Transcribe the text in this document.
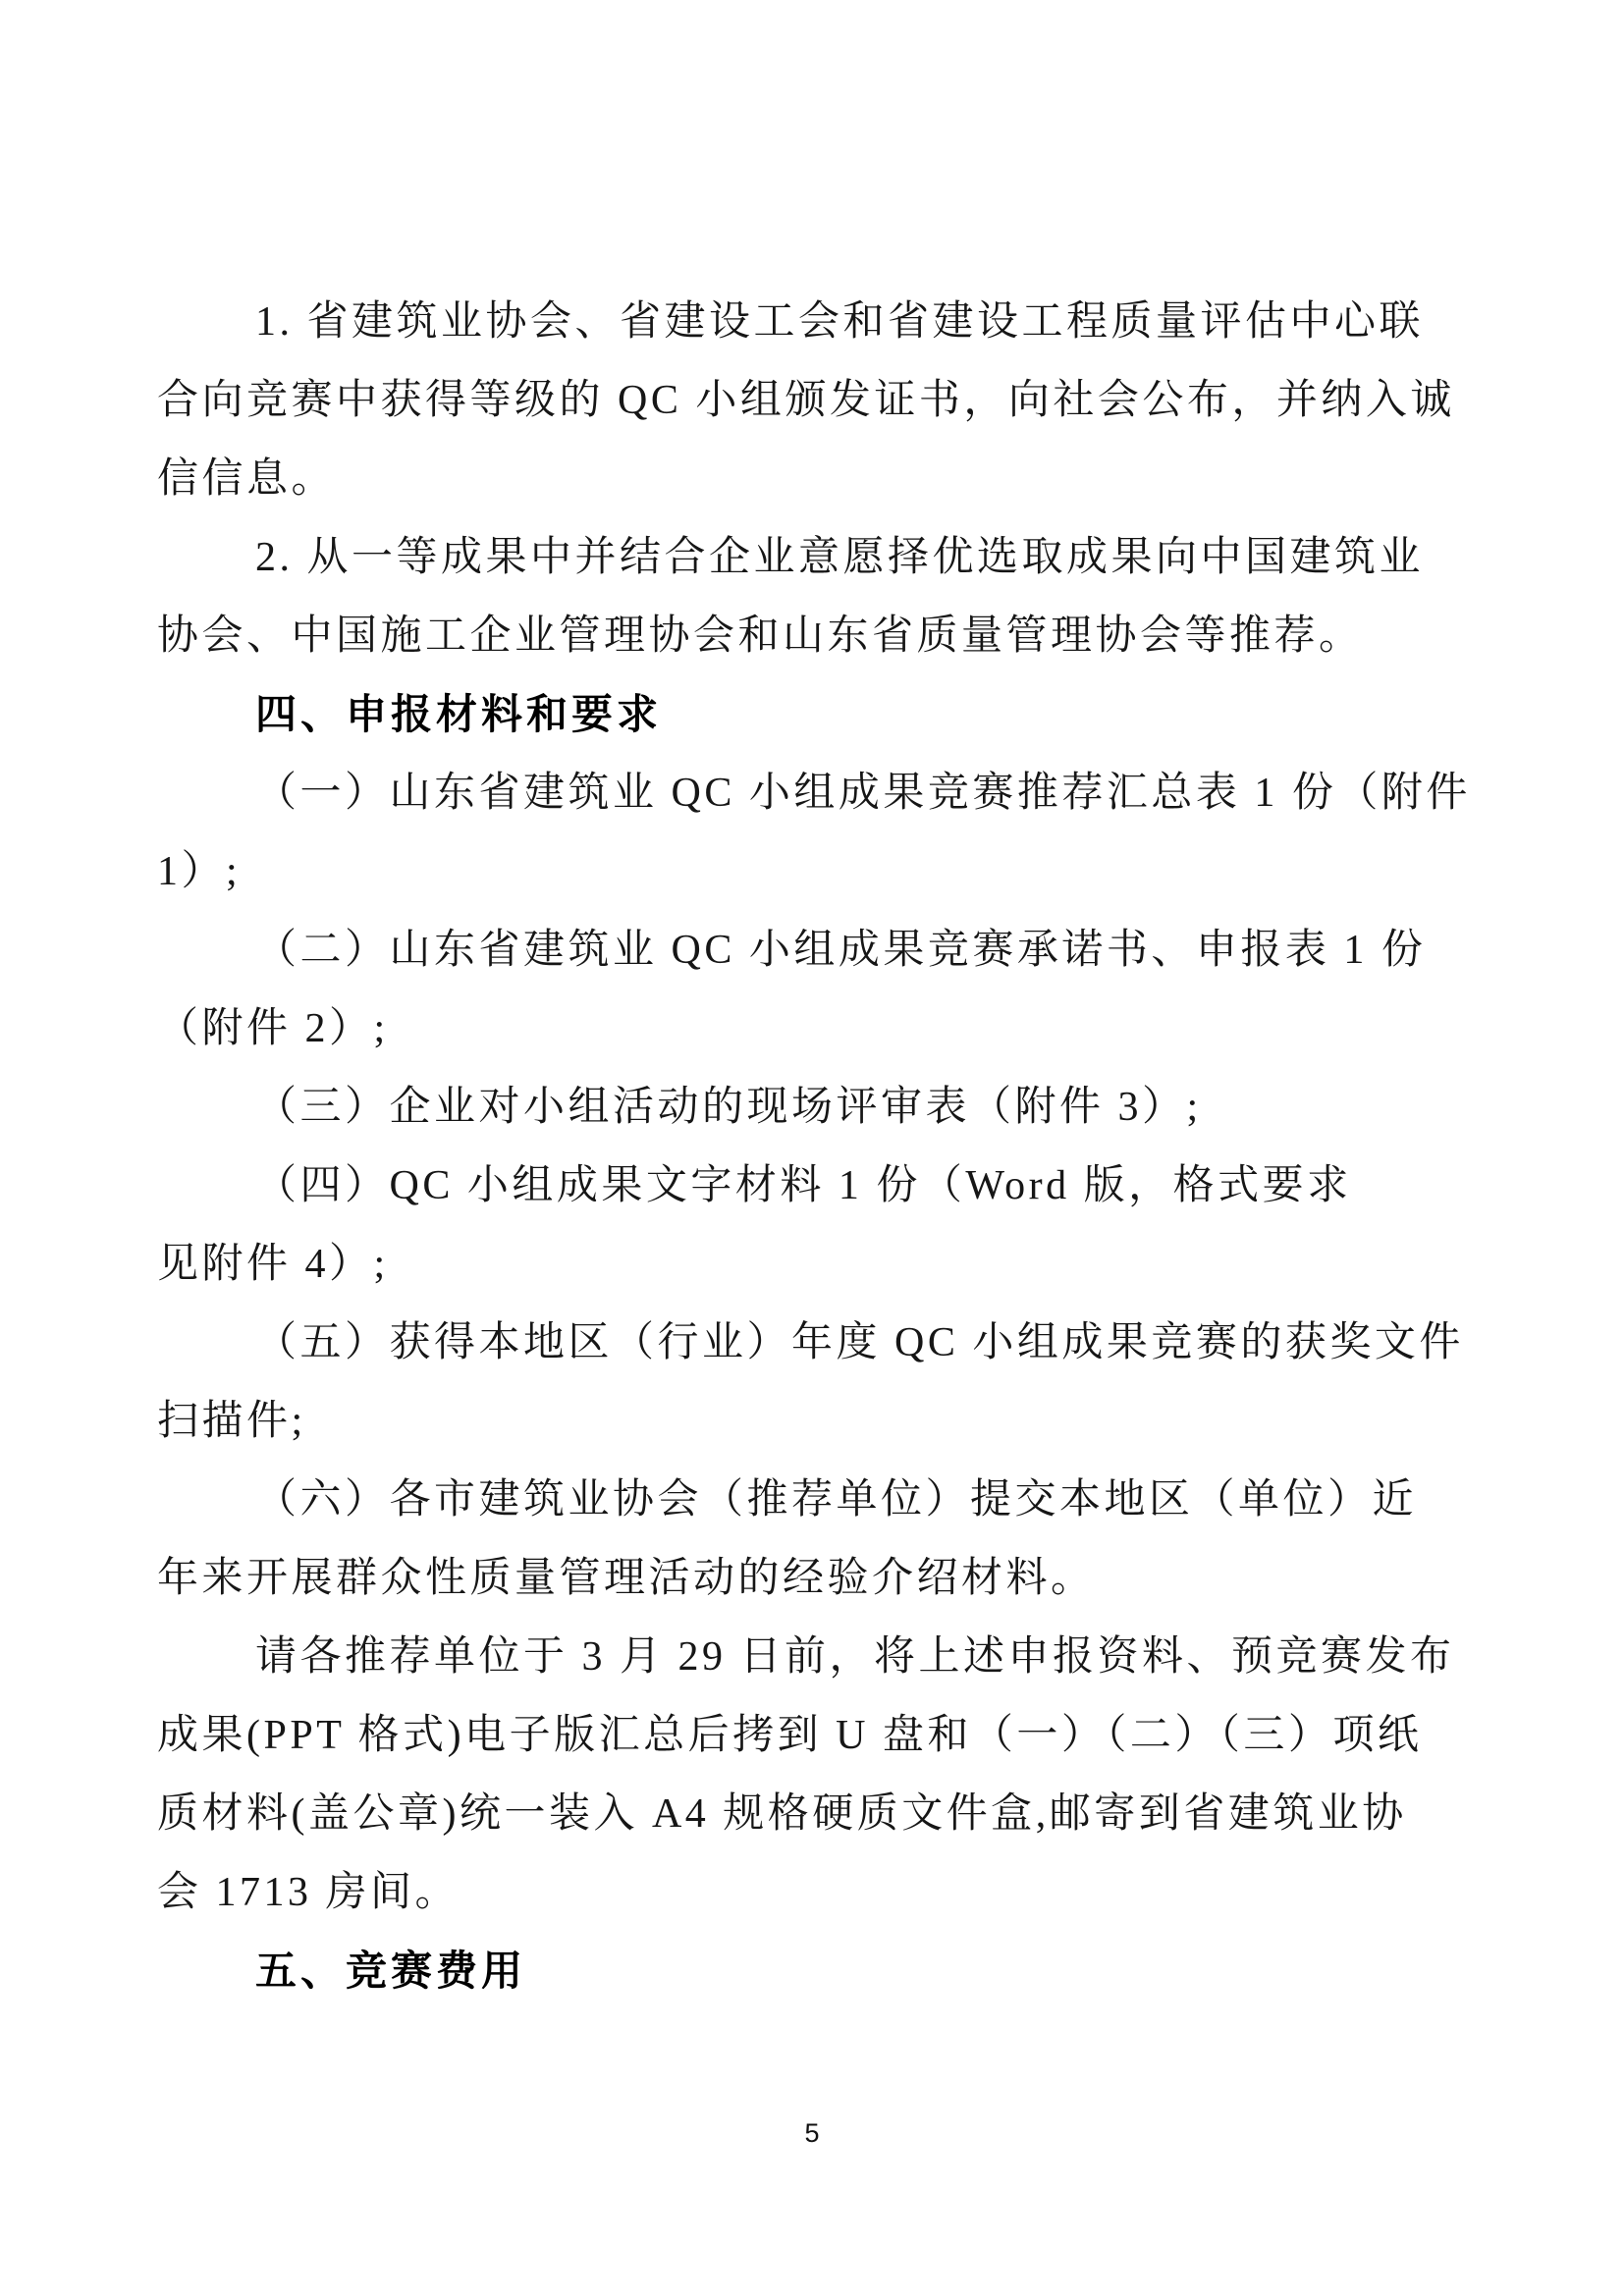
1. 省建筑业协会、省建设工会和省建设工程质量评估中心联
合向竞赛中获得等级的 QC 小组颁发证书，向社会公布，并纳入诚
信信息。

2. 从一等成果中并结合企业意愿择优选取成果向中国建筑业
协会、中国施工企业管理协会和山东省质量管理协会等推荐。

四、申报材料和要求

（一）山东省建筑业 QC 小组成果竞赛推荐汇总表 1 份（附件
1）;

（二）山东省建筑业 QC 小组成果竞赛承诺书、申报表 1 份
（附件 2）;

（三）企业对小组活动的现场评审表（附件 3）;

（四）QC 小组成果文字材料 1 份（Word 版，格式要求
见附件 4）;

（五）获得本地区（行业）年度 QC 小组成果竞赛的获奖文件
扫描件;

（六）各市建筑业协会（推荐单位）提交本地区（单位）近
年来开展群众性质量管理活动的经验介绍材料。

请各推荐单位于 3 月 29 日前，将上述申报资料、预竞赛发布
成果(PPT 格式)电子版汇总后拷到 U 盘和（一）（二）（三）项纸
质材料(盖公章)统一装入 A4 规格硬质文件盒,邮寄到省建筑业协
会 1713 房间。

五、竞赛费用

5
